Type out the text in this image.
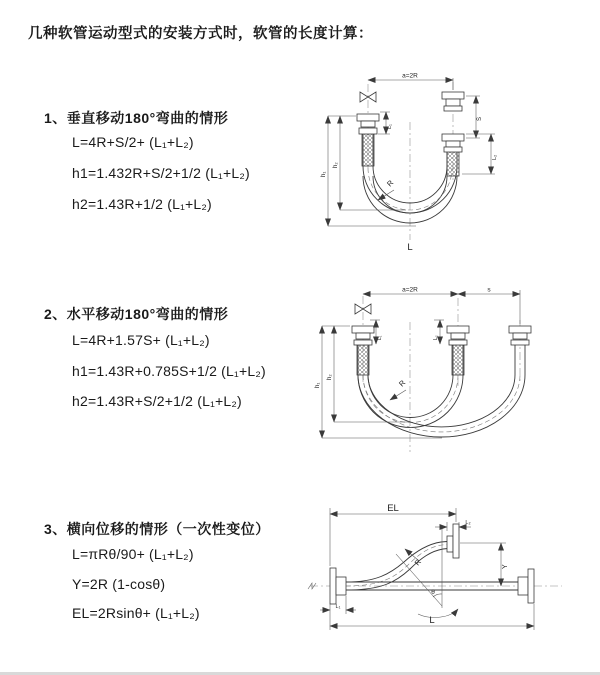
几种软管运动型式的安装方式时，软管的长度计算：
1、垂直移动180°弯曲的情形
L=4R+S/2+ (L₁+L₂)
h1=1.432R+S/2+1/2 (L₁+L₂)
h2=1.43R+1/2 (L₁+L₂)
2、水平移动180°弯曲的情形
L=4R+1.57S+ (L₁+L₂)
h1=1.43R+0.785S+1/2 (L₁+L₂)
h2=1.43R+S/2+1/2 (L₁+L₂)
3、横向位移的情形（一次性变位）
L=πRθ/90+ (L₁+L₂)
Y=2R (1-cosθ)
EL=2Rsinθ+ (L₁+L₂)
a=2R
h₁
h₂
S
L₂
L₁
R
L
a=2R	s
h₁
h₂
L₁	L₂
R
θ
EL
L₂
Y
L
L₁
R
